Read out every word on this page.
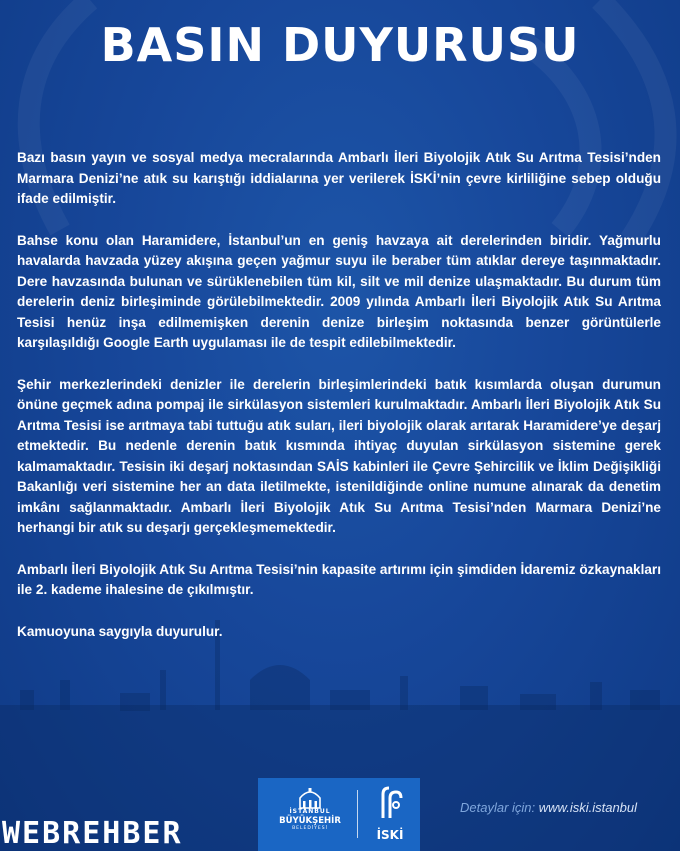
BASIN DUYURUSU

Bazı basın yayın ve sosyal medya mecralarında Ambarlı İleri Biyolojik Atık Su Arıtma Tesisi’nden Marmara Denizi’ne atık su karıştığı iddialarına yer verilerek İSKİ’nin çevre kirliliğine sebep olduğu ifade edilmiştir.

Bahse konu olan Haramidere, İstanbul’un en geniş havzaya ait derelerinden biridir. Yağmurlu havalarda havzada yüzey akışına geçen yağmur suyu ile beraber tüm atıklar dereye taşınmaktadır. Dere havzasında bulunan ve sürüklenebilen tüm kil, silt ve mil denize ulaşmaktadır. Bu durum tüm derelerin deniz birleşiminde görülebilmektedir. 2009 yılında Ambarlı İleri Biyolojik Atık Su Arıtma Tesisi henüz inşa edilmemişken derenin denize birleşim noktasında benzer görüntülerle karşılaşıldığı Google Earth uygulaması ile de tespit edilebilmektedir.

Şehir merkezlerindeki denizler ile derelerin birleşimlerindeki batık kısımlarda oluşan durumun önüne geçmek adına pompaj ile sirkülasyon sistemleri kurulmaktadır. Ambarlı İleri Biyolojik Atık Su Arıtma Tesisi ise arıtmaya tabi tuttuğu atık suları, ileri biyolojik olarak arıtarak Haramidere’ye deşarj etmektedir. Bu nedenle derenin batık kısmında ihtiyaç duyulan sirkülasyon sistemine gerek kalmamaktadır. Tesisin iki deşarj noktasından SAİS kabinleri ile Çevre Şehircilik ve İklim Değişikliği Bakanlığı veri sistemine her an data iletilmekte, istenildiğinde online numune alınarak da denetim imkânı sağlanmaktadır. Ambarlı İleri Biyolojik Atık Su Arıtma Tesisi’nden Marmara Denizi’ne herhangi bir atık su deşarjı gerçekleşmemektedir.

Ambarlı İleri Biyolojik Atık Su Arıtma Tesisi’nin kapasite artırımı için şimdiden İdaremiz özkaynakları ile 2. kademe ihalesine de çıkılmıştır.

Kamuoyuna saygıyla duyurulur.

İSTANBUL
BÜYÜKŞEHİR
BELEDİYESİ	İSKİ
Detaylar için: www.iski.istanbul
WEBREHBER
